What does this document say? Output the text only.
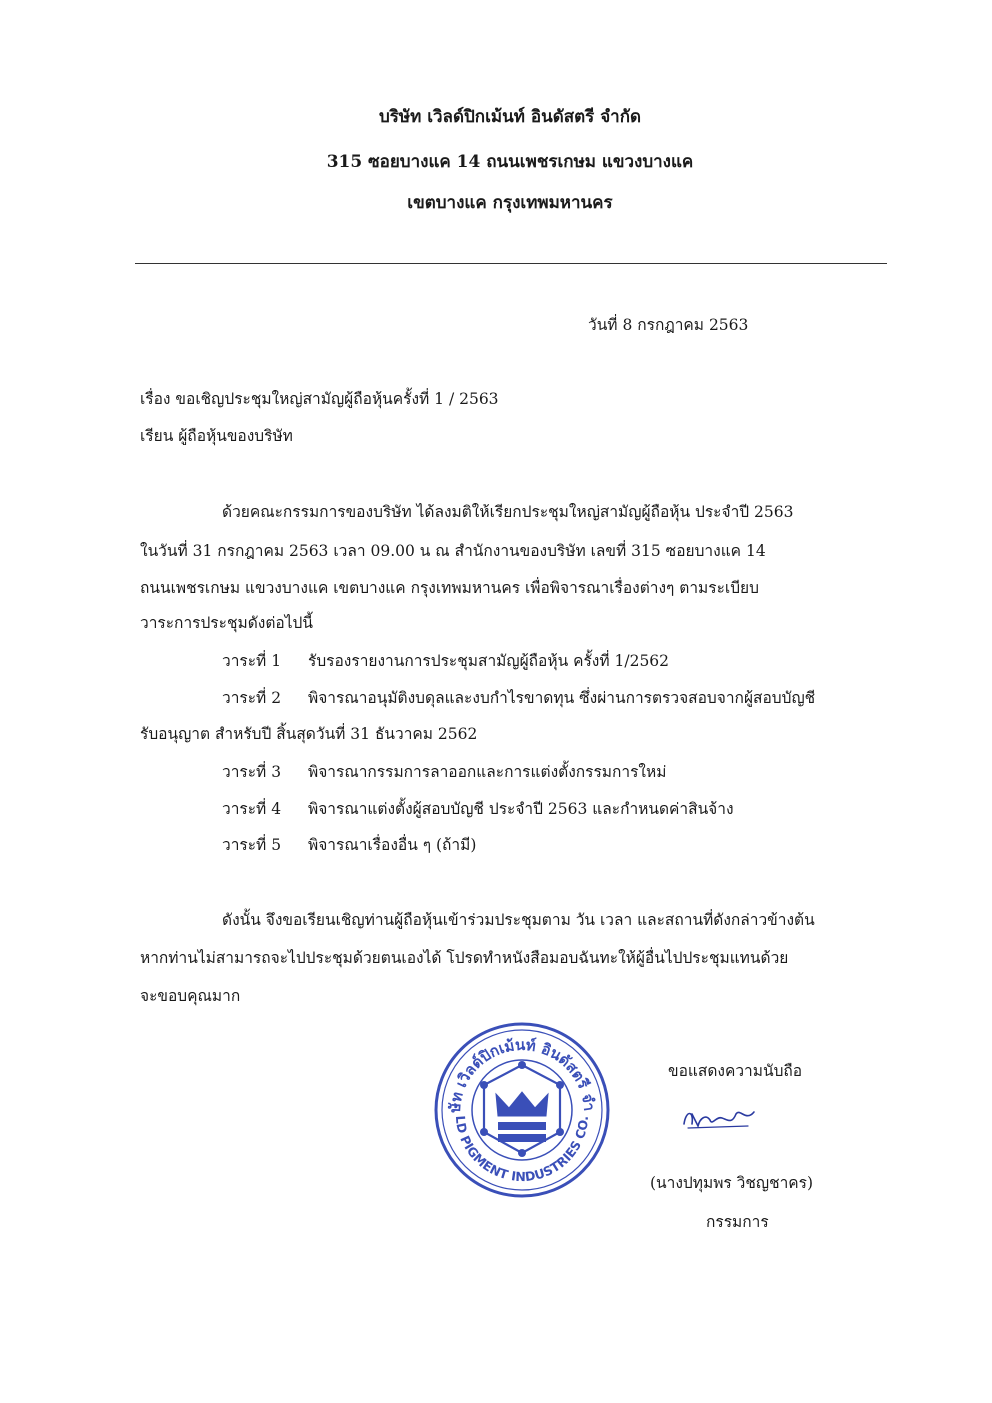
บริษัท เวิลด์ปิกเม้นท์ อินดัสตรี จำกัด
315 ซอยบางแค 14 ถนนเพชรเกษม แขวงบางแค
เขตบางแค กรุงเทพมหานคร
วันที่ 8 กรกฎาคม 2563
เรื่อง ขอเชิญประชุมใหญ่สามัญผู้ถือหุ้นครั้งที่ 1 / 2563
เรียน ผู้ถือหุ้นของบริษัท
ด้วยคณะกรรมการของบริษัท ได้ลงมติให้เรียกประชุมใหญ่สามัญผู้ถือหุ้น ประจำปี 2563
ในวันที่ 31 กรกฎาคม 2563 เวลา 09.00 น ณ สำนักงานของบริษัท เลขที่ 315 ซอยบางแค 14
ถนนเพชรเกษม แขวงบางแค เขตบางแค กรุงเทพมหานคร เพื่อพิจารณาเรื่องต่างๆ ตามระเบียบ
วาระการประชุมดังต่อไปนี้
วาระที่ 1 รับรองรายงานการประชุมสามัญผู้ถือหุ้น ครั้งที่ 1/2562
วาระที่ 2 พิจารณาอนุมัติงบดุลและงบกำไรขาดทุน ซึ่งผ่านการตรวจสอบจากผู้สอบบัญชี
รับอนุญาต สำหรับปี สิ้นสุดวันที่ 31 ธันวาคม 2562
วาระที่ 3 พิจารณากรรมการลาออกและการแต่งตั้งกรรมการใหม่
วาระที่ 4 พิจารณาแต่งตั้งผู้สอบบัญชี ประจำปี 2563 และกำหนดค่าสินจ้าง
วาระที่ 5 พิจารณาเรื่องอื่น ๆ (ถ้ามี)
ดังนั้น จึงขอเรียนเชิญท่านผู้ถือหุ้นเข้าร่วมประชุมตาม วัน เวลา และสถานที่ดังกล่าวข้างต้น
หากท่านไม่สามารถจะไปประชุมด้วยตนเองได้ โปรดทำหนังสือมอบฉันทะให้ผู้อื่นไปประชุมแทนด้วย
จะขอบคุณมาก
ษัท เวิลด์ปิกเม้นท์ อินดัสตรี จำ
LD PIGMENT INDUSTRIES CO.
ขอแสดงความนับถือ
(นางปทุมพร วิชญชาคร)
กรรมการ
